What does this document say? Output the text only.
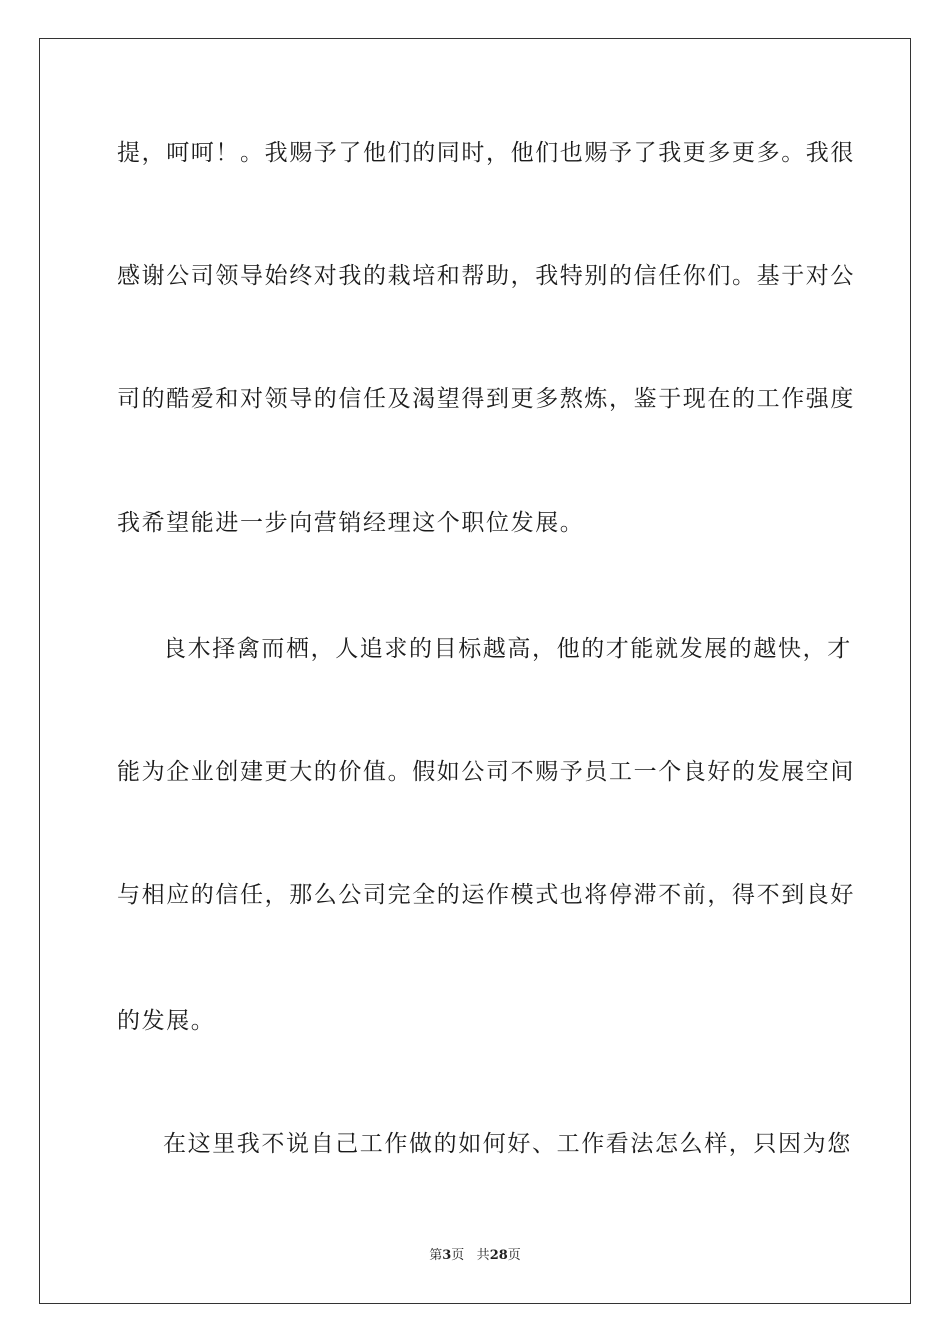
提，呵呵！。我赐予了他们的同时，他们也赐予了我更多更多。我很
感谢公司领导始终对我的栽培和帮助，我特别的信任你们。基于对公
司的酷爱和对领导的信任及渴望得到更多熬炼，鉴于现在的工作强度
我希望能进一步向营销经理这个职位发展。
良木择禽而栖，人追求的目标越高，他的才能就发展的越快，才
能为企业创建更大的价值。假如公司不赐予员工一个良好的发展空间
与相应的信任，那么公司完全的运作模式也将停滞不前，得不到良好
的发展。
在这里我不说自己工作做的如何好、工作看法怎么样，只因为您
第3页 共28页
